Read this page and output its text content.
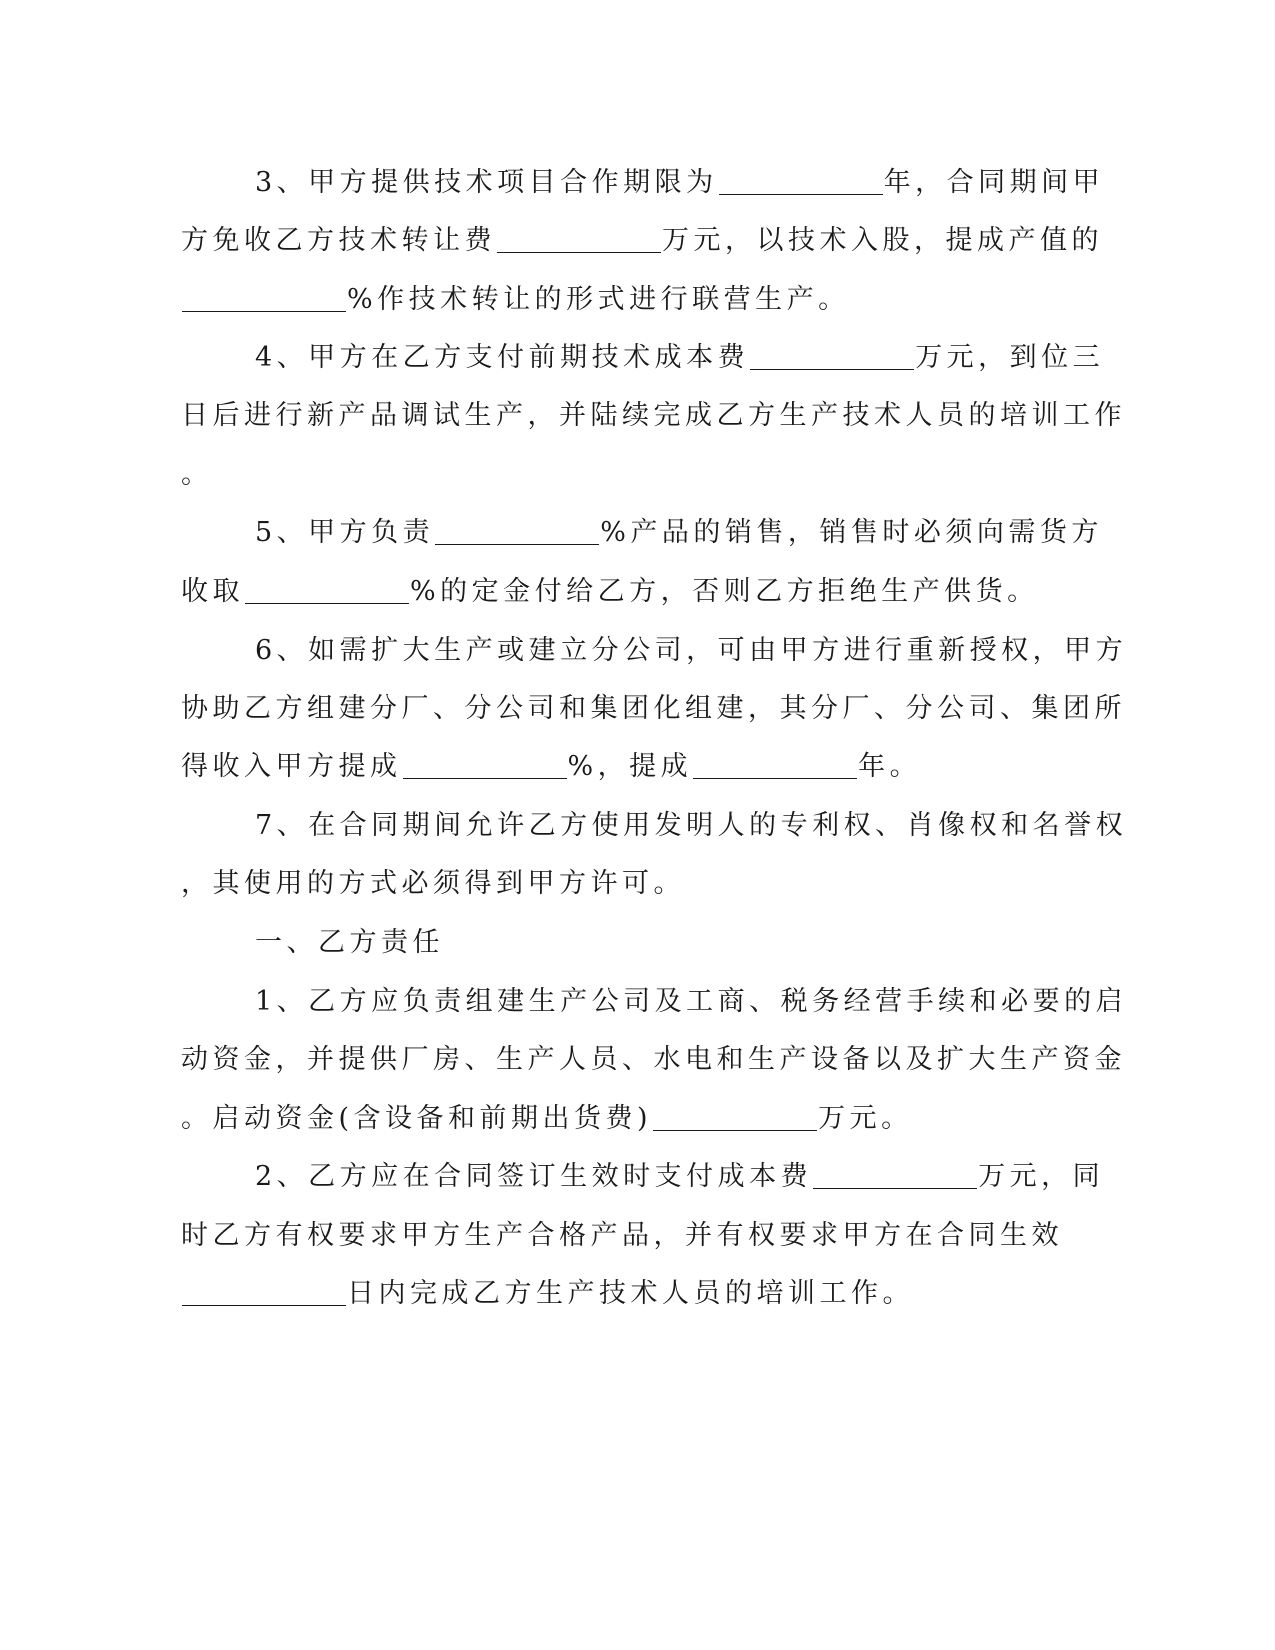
3、甲方提供技术项目合作期限为	年，合同期间甲
方免收乙方技术转让费	万元，以技术入股，提成产值的
%作技术转让的形式进行联营生产。
4、甲方在乙方支付前期技术成本费	万元，到位三
日后进行新产品调试生产，并陆续完成乙方生产技术人员的培训工作
。
5、甲方负责	%产品的销售，销售时必须向需货方
收取	%的定金付给乙方，否则乙方拒绝生产供货。
6、如需扩大生产或建立分公司，可由甲方进行重新授权，甲方
协助乙方组建分厂、分公司和集团化组建，其分厂、分公司、集团所
得收入甲方提成	%，提成	年。
7、在合同期间允许乙方使用发明人的专利权、肖像权和名誉权
，其使用的方式必须得到甲方许可。
一、乙方责任
1、乙方应负责组建生产公司及工商、税务经营手续和必要的启
动资金，并提供厂房、生产人员、水电和生产设备以及扩大生产资金
。启动资金(含设备和前期出货费)	万元。
2、乙方应在合同签订生效时支付成本费	万元，同
时乙方有权要求甲方生产合格产品，并有权要求甲方在合同生效
日内完成乙方生产技术人员的培训工作。
